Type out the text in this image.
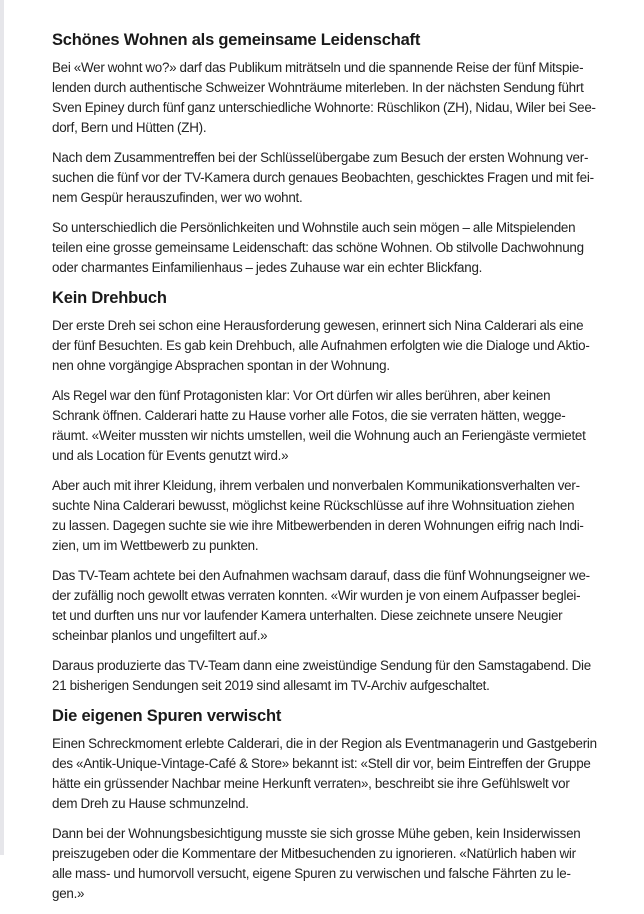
Schönes Wohnen als gemeinsame Leidenschaft

Bei «Wer wohnt wo?» darf das Publikum miträtseln und die spannende Reise der fünf Mitspie-
lenden durch authentische Schweizer Wohnträume miterleben. In der nächsten Sendung führt
Sven Epiney durch fünf ganz unterschiedliche Wohnorte: Rüschlikon (ZH), Nidau, Wiler bei See-
dorf, Bern und Hütten (ZH).

Nach dem Zusammentreffen bei der Schlüsselübergabe zum Besuch der ersten Wohnung ver-
suchen die fünf vor der TV-Kamera durch genaues Beobachten, geschicktes Fragen und mit fei-
nem Gespür herauszufinden, wer wo wohnt.

So unterschiedlich die Persönlichkeiten und Wohnstile auch sein mögen – alle Mitspielenden
teilen eine grosse gemeinsame Leidenschaft: das schöne Wohnen. Ob stilvolle Dachwohnung
oder charmantes Einfamilienhaus – jedes Zuhause war ein echter Blickfang.

Kein Drehbuch

Der erste Dreh sei schon eine Herausforderung gewesen, erinnert sich Nina Calderari als eine
der fünf Besuchten. Es gab kein Drehbuch, alle Aufnahmen erfolgten wie die Dialoge und Aktio-
nen ohne vorgängige Absprachen spontan in der Wohnung.

Als Regel war den fünf Protagonisten klar: Vor Ort dürfen wir alles berühren, aber keinen
Schrank öffnen. Calderari hatte zu Hause vorher alle Fotos, die sie verraten hätten, wegge-
räumt. «Weiter mussten wir nichts umstellen, weil die Wohnung auch an Feriengäste vermietet
und als Location für Events genutzt wird.»

Aber auch mit ihrer Kleidung, ihrem verbalen und nonverbalen Kommunikationsverhalten ver-
suchte Nina Calderari bewusst, möglichst keine Rückschlüsse auf ihre Wohnsituation ziehen
zu lassen. Dagegen suchte sie wie ihre Mitbewerbenden in deren Wohnungen eifrig nach Indi-
zien, um im Wettbewerb zu punkten.

Das TV-Team achtete bei den Aufnahmen wachsam darauf, dass die fünf Wohnungseigner we-
der zufällig noch gewollt etwas verraten konnten. «Wir wurden je von einem Aufpasser beglei-
tet und durften uns nur vor laufender Kamera unterhalten. Diese zeichnete unsere Neugier
scheinbar planlos und ungefiltert auf.»

Daraus produzierte das TV-Team dann eine zweistündige Sendung für den Samstagabend. Die
21 bisherigen Sendungen seit 2019 sind allesamt im TV-Archiv aufgeschaltet.

Die eigenen Spuren verwischt

Einen Schreckmoment erlebte Calderari, die in der Region als Eventmanagerin und Gastgeberin
des «Antik-Unique-Vintage-Café & Store» bekannt ist: «Stell dir vor, beim Eintreffen der Gruppe
hätte ein grüssender Nachbar meine Herkunft verraten», beschreibt sie ihre Gefühlswelt vor
dem Dreh zu Hause schmunzelnd.

Dann bei der Wohnungsbesichtigung musste sie sich grosse Mühe geben, kein Insiderwissen
preiszugeben oder die Kommentare der Mitbesuchenden zu ignorieren. «Natürlich haben wir
alle mass- und humorvoll versucht, eigene Spuren zu verwischen und falsche Fährten zu le-
gen.»
